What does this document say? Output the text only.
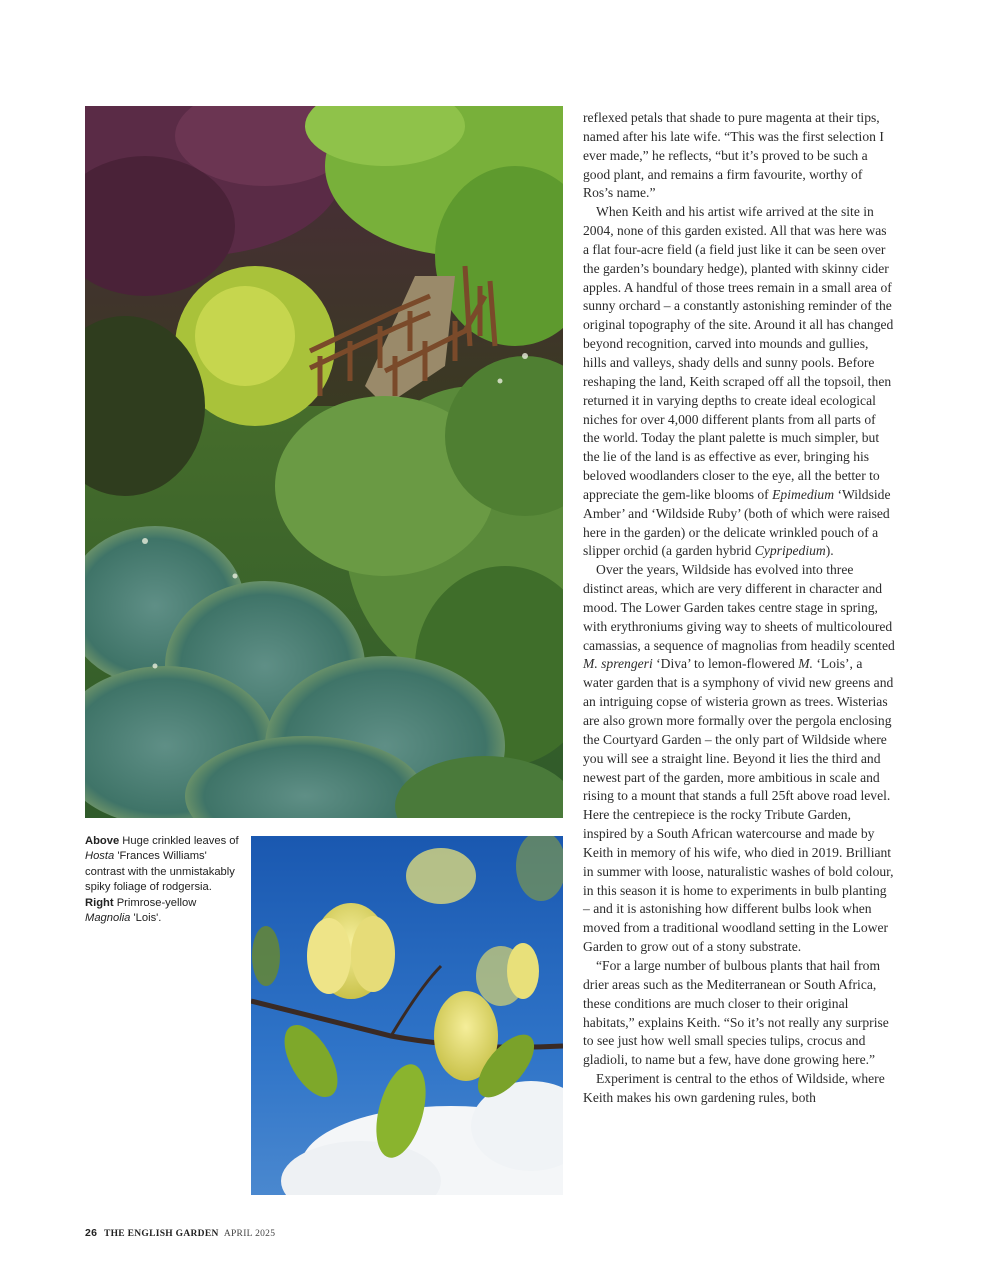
Above Huge crinkled leaves of Hosta 'Frances Williams' contrast with the unmistakably spiky foliage of rodgersia. Right Primrose-yellow Magnolia 'Lois'.

reflexed petals that shade to pure magenta at their tips, named after his late wife. “This was the first selection I ever made,” he reflects, “but it’s proved to be such a good plant, and remains a firm favourite, worthy of Ros’s name.”

When Keith and his artist wife arrived at the site in 2004, none of this garden existed. All that was here was a flat four-acre field (a field just like it can be seen over the garden’s boundary hedge), planted with skinny cider apples. A handful of those trees remain in a small area of sunny orchard – a constantly astonishing reminder of the original topography of the site. Around it all has changed beyond recognition, carved into mounds and gullies, hills and valleys, shady dells and sunny pools. Before reshaping the land, Keith scraped off all the topsoil, then returned it in varying depths to create ideal ecological niches for over 4,000 different plants from all parts of the world. Today the plant palette is much simpler, but the lie of the land is as effective as ever, bringing his beloved woodlanders closer to the eye, all the better to appreciate the gem-like blooms of Epimedium ‘Wildside Amber’ and ‘Wildside Ruby’ (both of which were raised here in the garden) or the delicate wrinkled pouch of a slipper orchid (a garden hybrid Cypripedium).

Over the years, Wildside has evolved into three distinct areas, which are very different in character and mood. The Lower Garden takes centre stage in spring, with erythroniums giving way to sheets of multicoloured camassias, a sequence of magnolias from headily scented M. sprengeri ‘Diva’ to lemon-flowered M. ‘Lois’, a water garden that is a symphony of vivid new greens and an intriguing copse of wisteria grown as trees. Wisterias are also grown more formally over the pergola enclosing the Courtyard Garden – the only part of Wildside where you will see a straight line. Beyond it lies the third and newest part of the garden, more ambitious in scale and rising to a mount that stands a full 25ft above road level. Here the centrepiece is the rocky Tribute Garden, inspired by a South African watercourse and made by Keith in memory of his wife, who died in 2019. Brilliant in summer with loose, naturalistic washes of bold colour, in this season it is home to experiments in bulb planting – and it is astonishing how different bulbs look when moved from a traditional woodland setting in the Lower Garden to grow out of a stony substrate.

“For a large number of bulbous plants that hail from drier areas such as the Mediterranean or South Africa, these conditions are much closer to their original habitats,” explains Keith. “So it’s not really any surprise to see just how well small species tulips, crocus and gladioli, to name but a few, have done growing here.”

Experiment is central to the ethos of Wildside, where Keith makes his own gardening rules, both

26 THE ENGLISH GARDEN APRIL 2025
